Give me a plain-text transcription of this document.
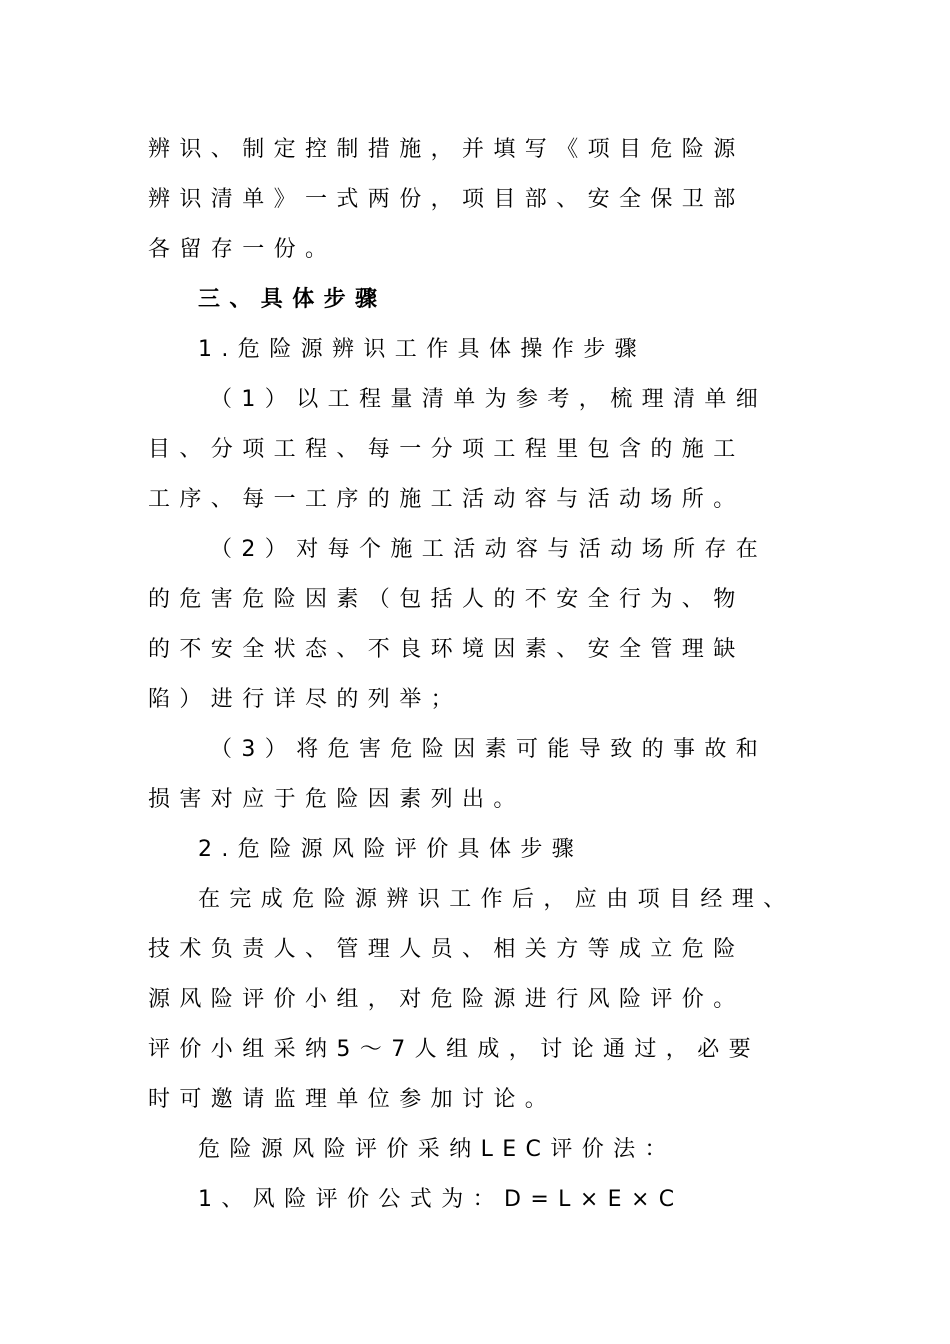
辨识、制定控制措施，并填写《项目危险源
辨识清单》一式两份，项目部、安全保卫部
各留存一份。
三、具体步骤
1.危险源辨识工作具体操作步骤
（1）以工程量清单为参考，梳理清单细
目、分项工程、每一分项工程里包含的施工
工序、每一工序的施工活动容与活动场所。
（2）对每个施工活动容与活动场所存在
的危害危险因素（包括人的不安全行为、物
的不安全状态、不良环境因素、安全管理缺
陷）进行详尽的列举；
（3）将危害危险因素可能导致的事故和
损害对应于危险因素列出。
2.危险源风险评价具体步骤
在完成危险源辨识工作后，应由项目经理、
技术负责人、管理人员、相关方等成立危险
源风险评价小组，对危险源进行风险评价。
评价小组采纳5～7人组成，讨论通过，必要
时可邀请监理单位参加讨论。
危险源风险评价采纳LEC评价法：
1、风险评价公式为：D=L×E×C
